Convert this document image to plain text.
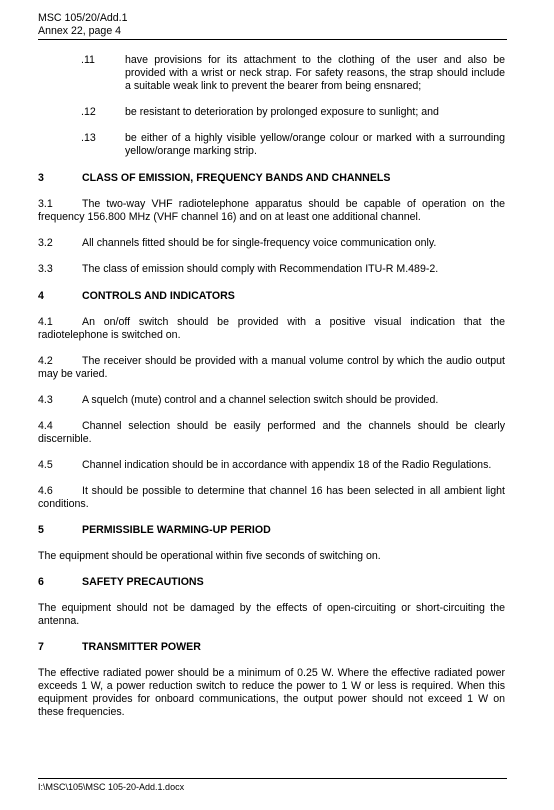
MSC 105/20/Add.1
Annex 22, page 4
.11	have provisions for its attachment to the clothing of the user and also be provided with a wrist or neck strap. For safety reasons, the strap should include a suitable weak link to prevent the bearer from being ensnared;
.12	be resistant to deterioration by prolonged exposure to sunlight; and
.13	be either of a highly visible yellow/orange colour or marked with a surrounding yellow/orange marking strip.
3	CLASS OF EMISSION, FREQUENCY BANDS AND CHANNELS
3.1	The two-way VHF radiotelephone apparatus should be capable of operation on the frequency 156.800 MHz (VHF channel 16) and on at least one additional channel.
3.2	All channels fitted should be for single-frequency voice communication only.
3.3	The class of emission should comply with Recommendation ITU-R M.489-2.
4	CONTROLS AND INDICATORS
4.1	An on/off switch should be provided with a positive visual indication that the radiotelephone is switched on.
4.2	The receiver should be provided with a manual volume control by which the audio output may be varied.
4.3	A squelch (mute) control and a channel selection switch should be provided.
4.4	Channel selection should be easily performed and the channels should be clearly discernible.
4.5	Channel indication should be in accordance with appendix 18 of the Radio Regulations.
4.6	It should be possible to determine that channel 16 has been selected in all ambient light conditions.
5	PERMISSIBLE WARMING-UP PERIOD
The equipment should be operational within five seconds of switching on.
6	SAFETY PRECAUTIONS
The equipment should not be damaged by the effects of open-circuiting or short-circuiting the antenna.
7	TRANSMITTER POWER
The effective radiated power should be a minimum of 0.25 W. Where the effective radiated power exceeds 1 W, a power reduction switch to reduce the power to 1 W or less is required. When this equipment provides for onboard communications, the output power should not exceed 1 W on these frequencies.
I:\MSC\105\MSC 105-20-Add.1.docx
